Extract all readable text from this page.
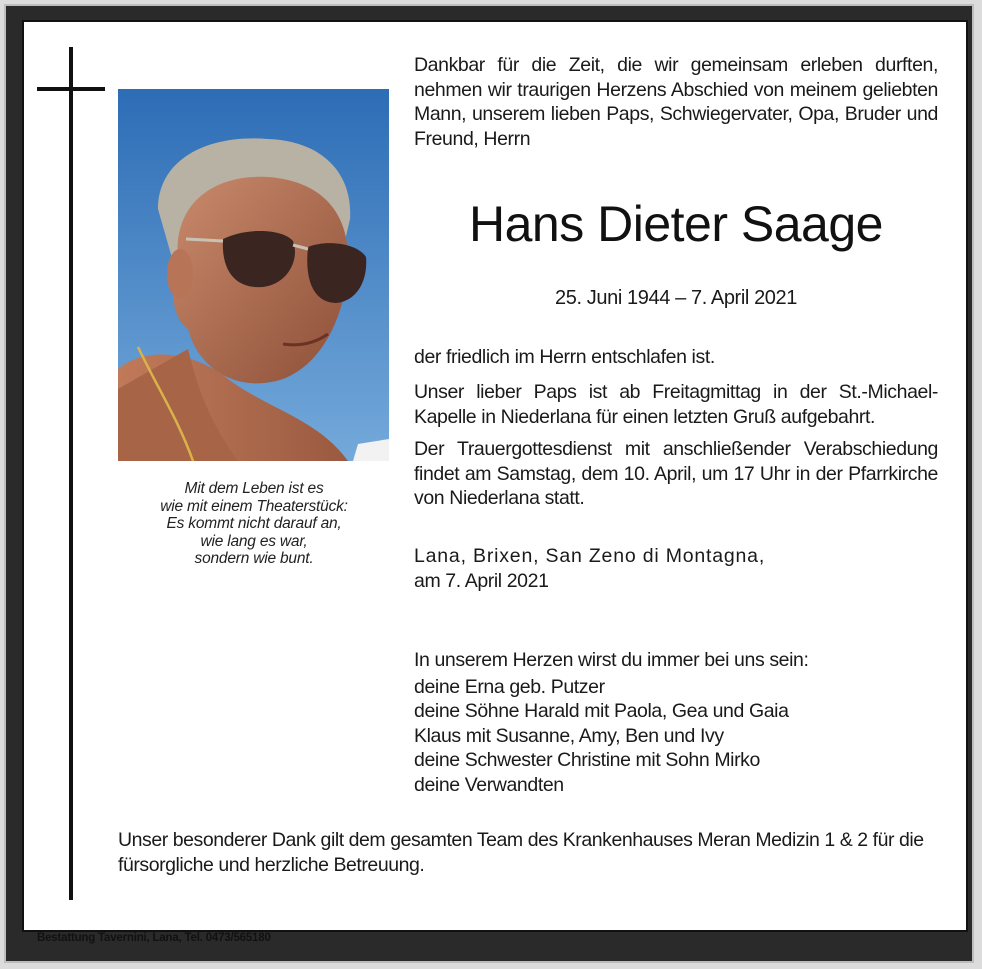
Mit dem Leben ist es
wie mit einem Theaterstück:
Es kommt nicht darauf an,
wie lang es war,
sondern wie bunt.
Dankbar für die Zeit, die wir gemeinsam erleben durften, nehmen wir traurigen Herzens Abschied von meinem geliebten Mann, unserem lieben Paps, Schwiegervater, Opa, Bruder und Freund, Herrn
Hans Dieter Saage
25. Juni 1944 – 7. April 2021
der friedlich im Herrn entschlafen ist.
Unser lieber Paps ist ab Freitagmittag in der St.-Michael-Kapelle in Niederlana für einen letzten Gruß aufgebahrt.
Der Trauergottesdienst mit anschließender Verabschiedung findet am Samstag, dem 10. April, um 17 Uhr in der Pfarrkirche von Niederlana statt.
Lana, Brixen, San Zeno di Montagna,
am 7. April 2021
In unserem Herzen wirst du immer bei uns sein:
deine Erna geb. Putzer
deine Söhne Harald mit Paola, Gea und Gaia
Klaus mit Susanne, Amy, Ben und Ivy
deine Schwester Christine mit Sohn Mirko
deine Verwandten
Unser besonderer Dank gilt dem gesamten Team des Krankenhauses Meran Medizin 1 & 2 für die fürsorgliche und herzliche Betreuung.
Bestattung Tavernini, Lana, Tel. 0473/565180
